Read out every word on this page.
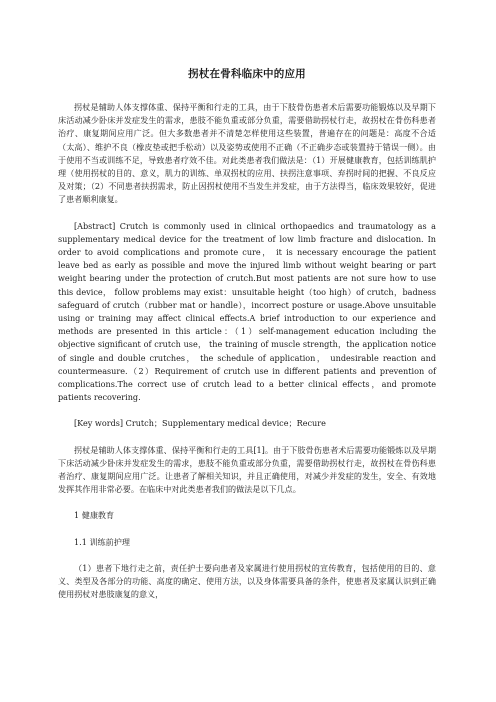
拐杖在骨科临床中的应用

拐杖是辅助人体支撑体重、保持平衡和行走的工具，由于下肢骨伤患者术后需要功能锻炼以及早期下床活动减少卧床并发症发生的需求，患肢不能负重或部分负重，需要借助拐杖行走，故拐杖在骨伤科患者治疗、康复期间应用广泛。但大多数患者并不清楚怎样使用这些装置，普遍存在的问题是：高度不合适（太高）、维护不良（橡皮垫或把手松动）以及姿势或使用不正确（不正确步态或装置持于错误一侧）。由于使用不当或训练不足，导致患者疗效不佳。对此类患者我们做法是：（1）开展健康教育，包括训练肌护理（使用拐杖的目的、意义，肌力的训练、单双拐杖的应用、扶拐注意事项、弃拐时间的把握、不良反应及对策；（2）不同患者扶拐需求，防止因拐杖使用不当发生并发症，由于方法得当，临床效果较好，促进了患者顺利康复。

[Abstract] Crutch is commonly used in clinical orthopaedics and traumatology as a supplementary medical device for the treatment of low limb fracture and dislocation. In order to avoid complications and promote cure， it is necessary encourage the patient leave bed as early as possible and move the injured limb without weight bearing or part weight bearing under the protection of crutch.But most patients are not sure how to use this device， follow problems may exist：unsuitable height（too high）of crutch，badness safeguard of crutch（rubber mat or handle），incorrect posture or usage.Above unsuitable using or training may affect clinical effects.A brief introduction to our experience and methods are presented in this article：（1）self-management education including the objective significant of crutch use， the training of muscle strength，the application notice of single and double crutches， the schedule of application， undesirable reaction and countermeasure.（2）Requirement of crutch use in different patients and prevention of complications.The correct use of crutch lead to a better clinical effects，and promote patients recovering.

[Key words] Crutch；Supplementary medical device；Recure

拐杖是辅助人体支撑体重、保持平衡和行走的工具[1]。由于下肢骨伤患者术后需要功能锻炼以及早期下床活动减少卧床并发症发生的需求，患肢不能负重或部分负重，需要借助拐杖行走，故拐杖在骨伤科患者治疗、康复期间应用广泛。让患者了解相关知识，并且正确使用，对减少并发症的发生，安全、有效地发挥其作用非常必要。在临床中对此类患者我们的做法是以下几点。

1 健康教育

1.1 训练前护理

（1）患者下地行走之前，责任护士要向患者及家属进行使用拐杖的宣传教育，包括使用的目的、意义、类型及各部分的功能、高度的确定、使用方法，以及身体需要具备的条件，使患者及家属认识到正确使用拐杖对患肢康复的意义，
